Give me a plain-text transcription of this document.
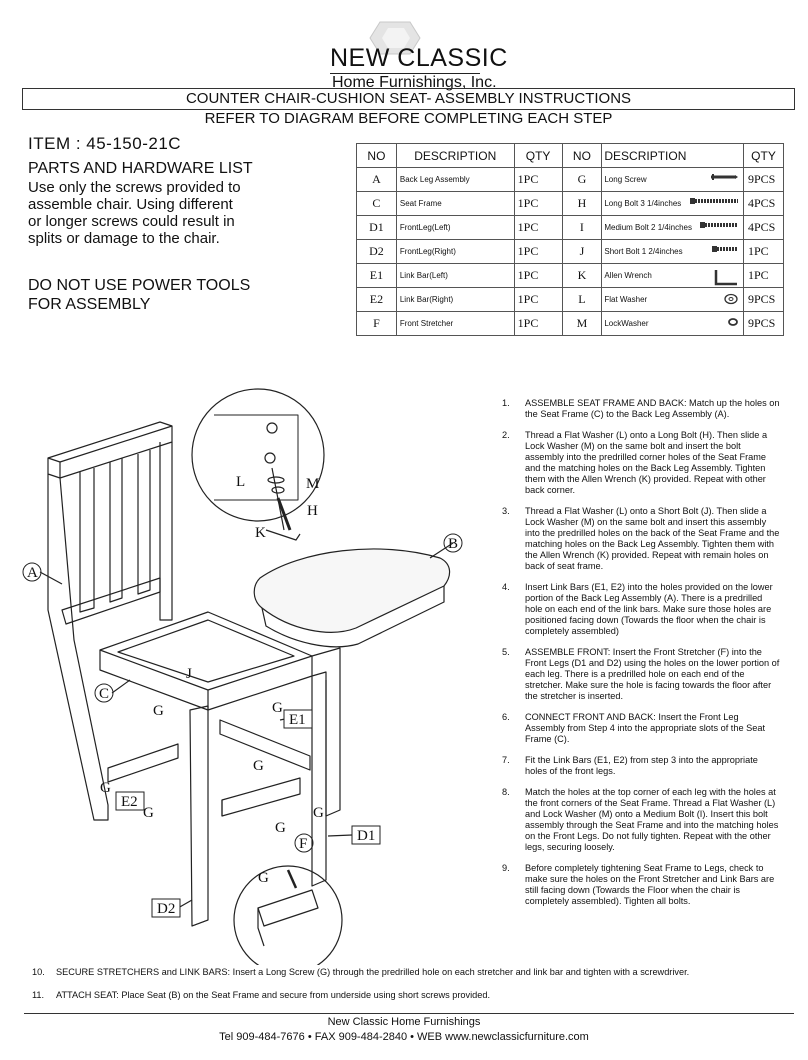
NEW CLASSIC
Home Furnishings, Inc.
COUNTER CHAIR-CUSHION SEAT- ASSEMBLY INSTRUCTIONS
REFER TO DIAGRAM BEFORE COMPLETING EACH STEP
ITEM : 45-150-21C
PARTS AND HARDWARE LIST
Use only the screws provided to assemble chair. Using different or longer screws could result in splits or damage to the chair.
DO NOT USE POWER TOOLS FOR ASSEMBLY
NO	DESCRIPTION	QTY	NO	DESCRIPTION	QTY
A	Back Leg Assembly	1PC	G	Long Screw	9PCS
C	Seat Frame	1PC	H	Long Bolt 3 1/4inches	4PCS
D1	FrontLeg(Left)	1PC	I	Medium Bolt 2 1/4inches	4PCS
D2	FrontLeg(Right)	1PC	J	Short Bolt 1 2/4inches	1PC
E1	Link Bar(Left)	1PC	K	Allen Wrench	1PC
E2	Link Bar(Right)	1PC	L	Flat Washer	9PCS
F	Front Stretcher	1PC	M	LockWasher	9PCS
A
B
C
D1
D2
E1
E2
F
G	G
G
G
G	G
G
G
H
J
K
L	M
1.	ASSEMBLE SEAT FRAME AND BACK: Match up the holes on the Seat Frame (C) to the Back Leg Assembly (A).
2.	Thread a Flat Washer (L) onto a Long Bolt (H). Then slide a Lock Washer (M) on the same bolt and insert the bolt assembly into the predrilled corner holes of the Seat Frame and the matching holes on the Back Leg Assembly. Tighten them with the Allen Wrench (K) provided. Repeat with other back corner.
3.	Thread a Flat Washer (L) onto a Short Bolt (J). Then slide a Lock Washer (M) on the same bolt and insert this assembly into the predrilled holes on the back of the Seat Frame and the matching holes on the Back Leg Assembly. Tighten them with the Allen Wrench (K) provided. Repeat with remain holes on back of seat frame.
4.	Insert Link Bars (E1, E2) into the holes provided on the lower portion of the Back Leg Assembly (A). There is a predrilled hole on each end of the link bars. Make sure those holes are positioned facing down (Towards the floor when the chair is completely assembled)
5.	ASSEMBLE FRONT: Insert the Front Stretcher (F) into the Front Legs (D1 and D2) using the holes on the lower portion of each leg. There is a predrilled hole on each end of the stretcher. Make sure the hole is facing towards the floor after the stretcher is inserted.
6.	CONNECT FRONT AND BACK: Insert the Front Leg Assembly from Step 4 into the appropriate slots of the Seat Frame (C).
7.	Fit the Link Bars (E1, E2) from step 3 into the appropriate holes of the front legs.
8.	Match the holes at the top corner of each leg with the holes at the front corners of the Seat Frame. Thread a Flat Washer (L) and Lock Washer (M) onto a Medium Bolt (I). Insert this bolt assembly through the Seat Frame and into the matching holes on the Front Legs. Do not fully tighten. Repeat with the other legs, securing loosely.
9.	Before completely tightening Seat Frame to Legs, check to make sure the holes on the Front Stretcher and Link Bars are still facing down (Towards the Floor when the chair is completely assembled). Tighten all bolts.
10.	SECURE STRETCHERS and LINK BARS: Insert a Long Screw (G) through the predrilled hole on each stretcher and link bar and tighten with a screwdriver.
11.	ATTACH SEAT: Place Seat (B) on the Seat Frame and secure from underside using short screws provided.
New Classic Home Furnishings
Tel 909-484-7676 • FAX 909-484-2840 • WEB www.newclassicfurniture.com
